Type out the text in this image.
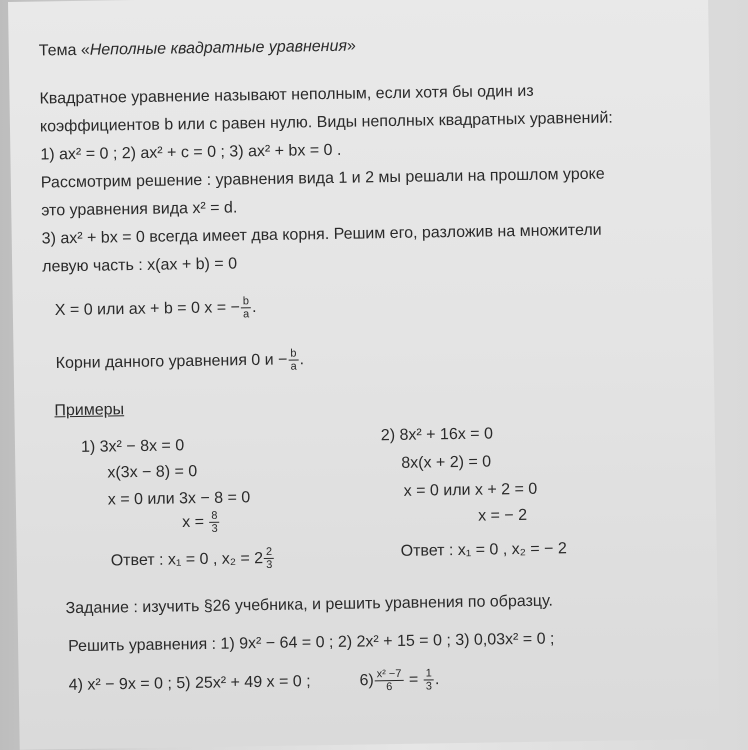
Тема «Неполные квадратные уравнения»
Квадратное уравнение называют неполным, если хотя бы один из
коэффициентов b или с равен нулю. Виды неполных квадратных уравнений:
1) ax² = 0 ; 2) ax² + c = 0 ; 3) ax² + bx = 0 .
Рассмотрим решение : уравнения вида 1 и 2 мы решали на прошлом уроке
это уравнения вида x² = d.
3) ax² + bx = 0 всегда имеет два корня. Решим его, разложив на множители
левую часть : x(ax + b) = 0
X = 0 или ax + b = 0 x = − $\frac{b}{a}$ .
Корни данного уравнения 0 $и - \frac{b}{a}$ .
Примеры
1) 3x² − 8x = 0
x(3x − 8) = 0
x = 0 или 3x − 8 = 0
$x = \frac{8}{3}$
Ответ : x₁ = 0 , $x_2 = 2 \frac{2}{3}$
2) 8x² + 16x = 0
8x(x + 2) = 0
x = 0 или x + 2 = 0
x = − 2
Ответ : x₁ = 0 , x₂ = − 2
Задание : изучить §26 учебника, и решить уравнения по образцу.
Решить уравнения : 1) 9x² − 64 = 0 ; 2) 2x² + 15 = 0 ; 3) 0,03x² = 0 ;
4) x² − 9x = 0 ; 5) 25x² + 49 x = 0 ;	$6) \frac{\text{x² −7}}{6} = \frac{1}{3}$ .
